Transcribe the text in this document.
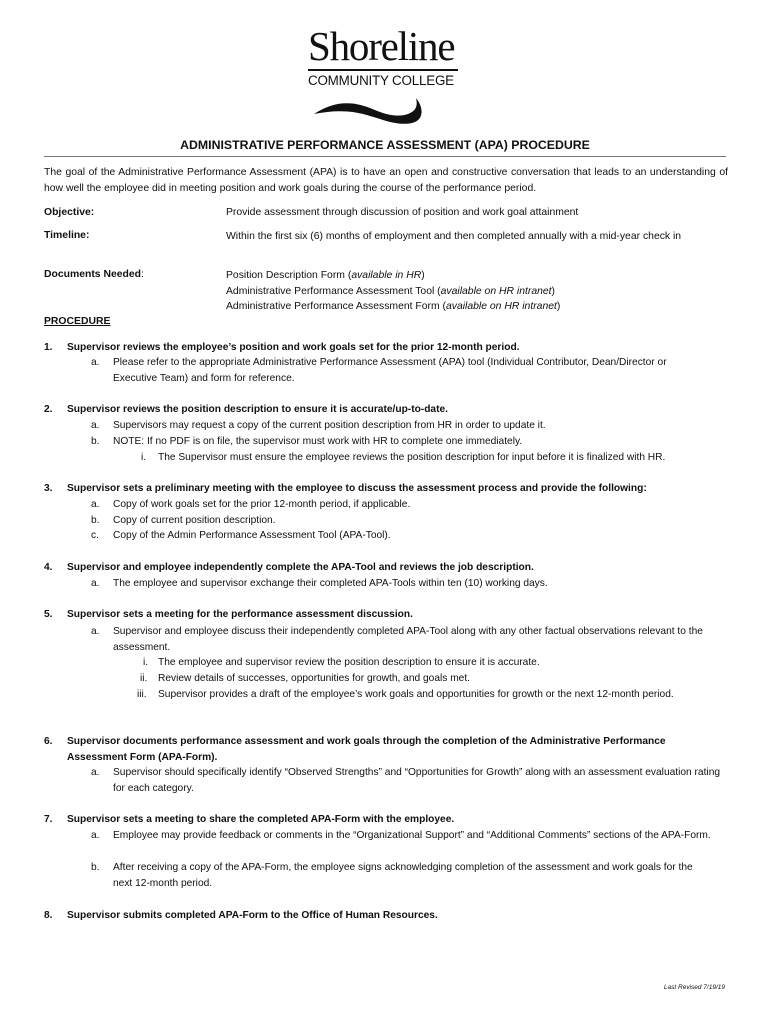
Shoreline
COMMUNITY COLLEGE
ADMINISTRATIVE PERFORMANCE ASSESSMENT (APA) PROCEDURE
The goal of the Administrative Performance Assessment (APA) is to have an open and constructive conversation that leads to an understanding of how well the employee did in meeting position and work goals during the course of the performance period.
Objective:	Provide assessment through discussion of position and work goal attainment
Timeline:	Within the first six (6) months of employment and then completed annually with a mid-year check in
Documents Needed:	Position Description Form (available in HR)
Administrative Performance Assessment Tool (available on HR intranet)
Administrative Performance Assessment Form (available on HR intranet)
PROCEDURE
1. Supervisor reviews the employee’s position and work goals set for the prior 12-month period.
a. Please refer to the appropriate Administrative Performance Assessment (APA) tool (Individual Contributor, Dean/Director or Executive Team) and form for reference.
2. Supervisor reviews the position description to ensure it is accurate/up-to-date.
a. Supervisors may request a copy of the current position description from HR in order to update it.
b. NOTE: If no PDF is on file, the supervisor must work with HR to complete one immediately.
i. The Supervisor must ensure the employee reviews the position description for input before it is finalized with HR.
3. Supervisor sets a preliminary meeting with the employee to discuss the assessment process and provide the following:
a. Copy of work goals set for the prior 12-month period, if applicable.
b. Copy of current position description.
c. Copy of the Admin Performance Assessment Tool (APA-Tool).
4. Supervisor and employee independently complete the APA-Tool and reviews the job description.
a. The employee and supervisor exchange their completed APA-Tools within ten (10) working days.
5. Supervisor sets a meeting for the performance assessment discussion.
a. Supervisor and employee discuss their independently completed APA-Tool along with any other factual observations relevant to the assessment.
i. The employee and supervisor review the position description to ensure it is accurate.
ii. Review details of successes, opportunities for growth, and goals met.
iii. Supervisor provides a draft of the employee’s work goals and opportunities for growth or the next 12-month period.
6. Supervisor documents performance assessment and work goals through the completion of the Administrative Performance Assessment Form (APA-Form).
a. Supervisor should specifically identify “Observed Strengths” and “Opportunities for Growth” along with an assessment evaluation rating for each category.
7. Supervisor sets a meeting to share the completed APA-Form with the employee.
a. Employee may provide feedback or comments in the “Organizational Support” and “Additional Comments” sections of the APA-Form.
b. After receiving a copy of the APA-Form, the employee signs acknowledging completion of the assessment and work goals for the next 12-month period.
8. Supervisor submits completed APA-Form to the Office of Human Resources.
Last Revised 7/19/19
